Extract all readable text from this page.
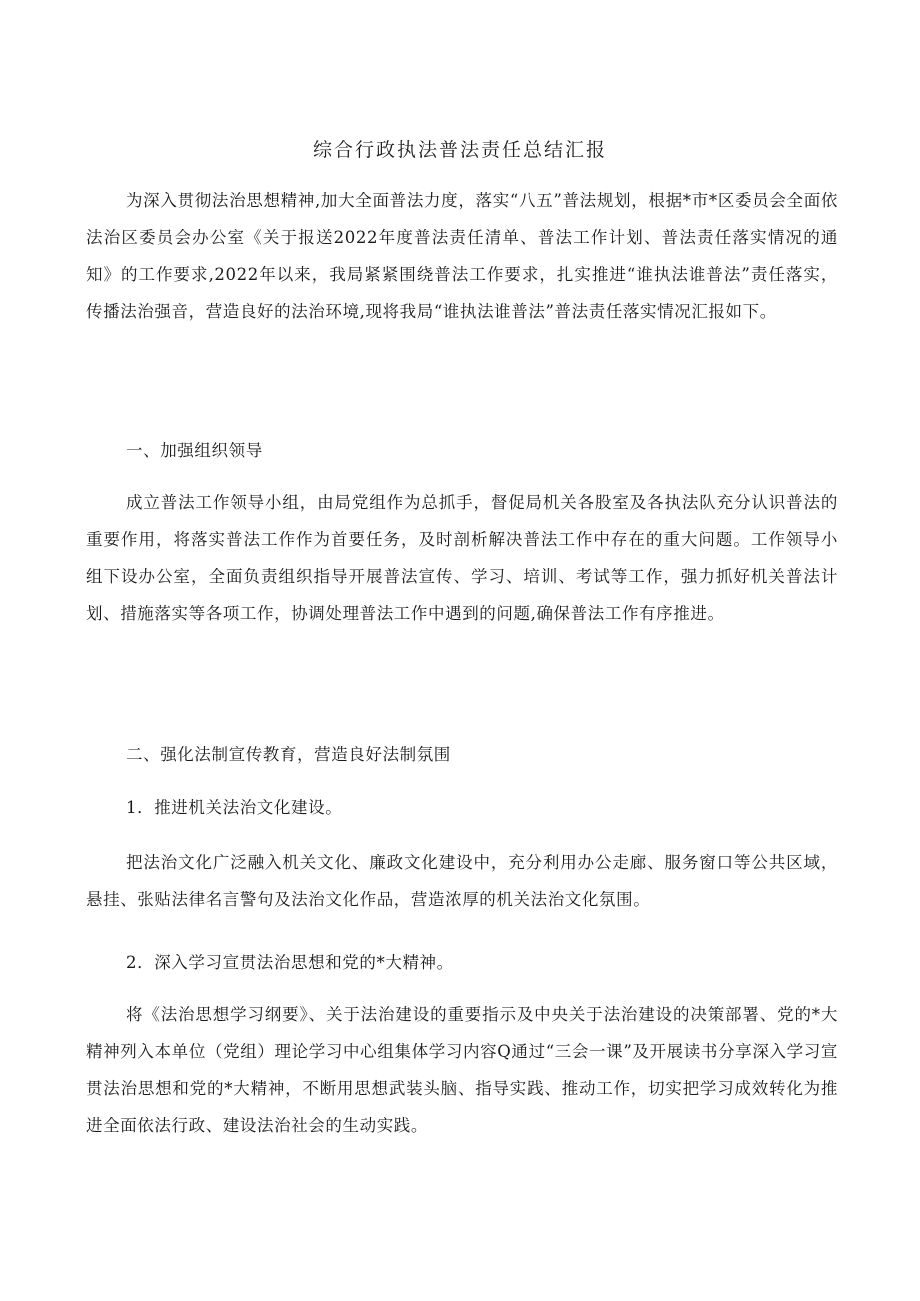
综合行政执法普法责任总结汇报

为深入贯彻法治思想精神,加大全面普法力度，落实“八五”普法规划，根据*市*区委员会全面依法治区委员会办公室《关于报送2022年度普法责任清单、普法工作计划、普法责任落实情况的通知》的工作要求,2022年以来，我局紧紧围绕普法工作要求，扎实推进“谁执法谁普法”责任落实，传播法治强音，营造良好的法治环境,现将我局“谁执法谁普法”普法责任落实情况汇报如下。

一、加强组织领导

成立普法工作领导小组，由局党组作为总抓手，督促局机关各股室及各执法队充分认识普法的重要作用，将落实普法工作作为首要任务，及时剖析解决普法工作中存在的重大问题。工作领导小组下设办公室，全面负责组织指导开展普法宣传、学习、培训、考试等工作，强力抓好机关普法计划、措施落实等各项工作，协调处理普法工作中遇到的问题,确保普法工作有序推进。

二、强化法制宣传教育，营造良好法制氛围

1．推进机关法治文化建设。

把法治文化广泛融入机关文化、廉政文化建设中，充分利用办公走廊、服务窗口等公共区域，悬挂、张贴法律名言警句及法治文化作品，营造浓厚的机关法治文化氛围。

2．深入学习宣贯法治思想和党的*大精神。

将《法治思想学习纲要》、关于法治建设的重要指示及中央关于法治建设的决策部署、党的*大精神列入本单位（党组）理论学习中心组集体学习内容Q通过“三会一课”及开展读书分享深入学习宣贯法治思想和党的*大精神，不断用思想武装头脑、指导实践、推动工作，切实把学习成效转化为推进全面依法行政、建设法治社会的生动实践。
